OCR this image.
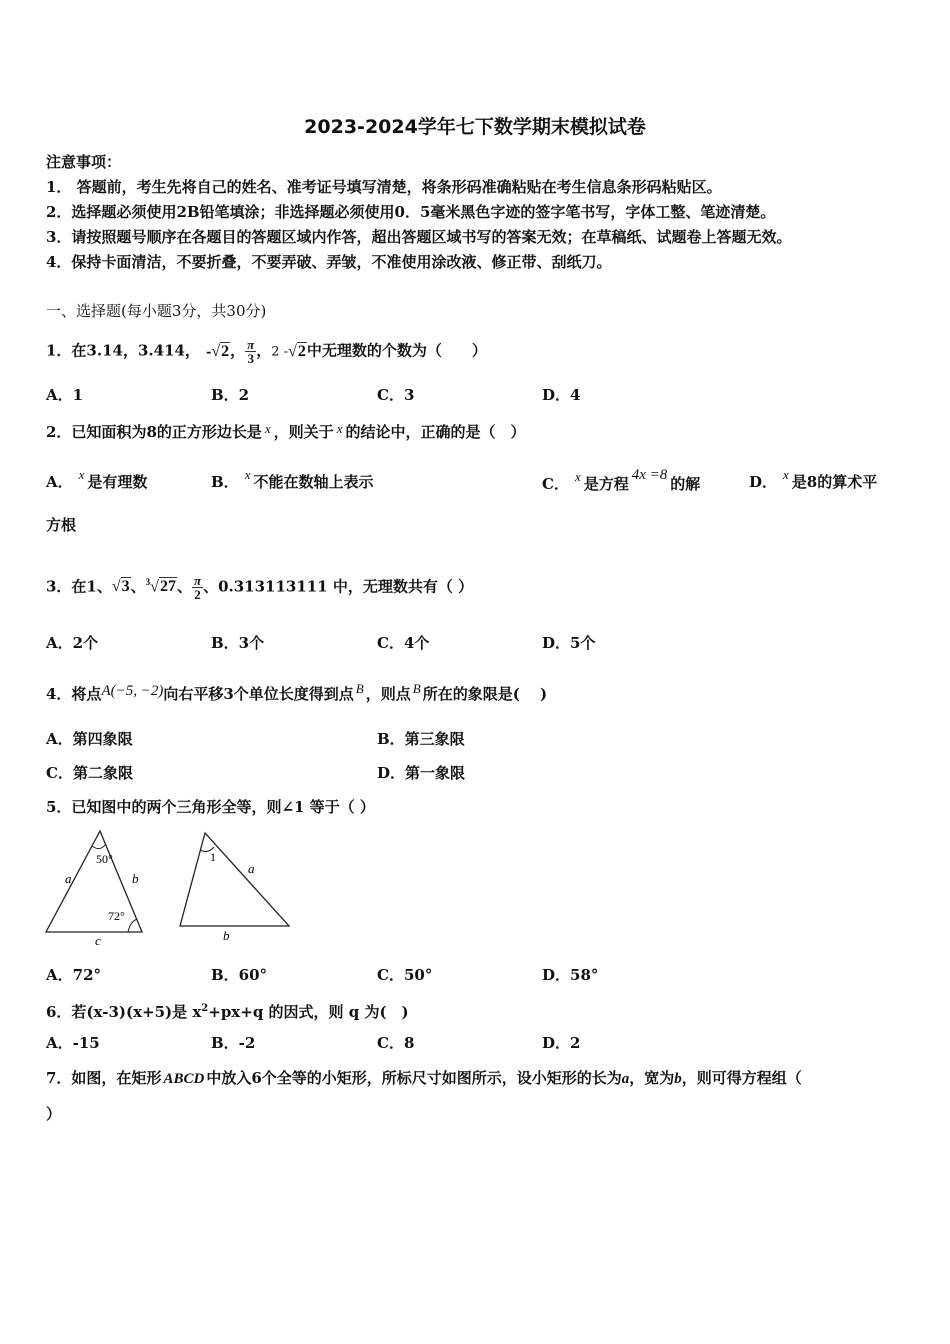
2023-2024学年七下数学期末模拟试卷
注意事项：
1． 答题前，考生先将自己的姓名、准考证号填写清楚，将条形码准确粘贴在考生信息条形码粘贴区。
2．选择题必须使用2B铅笔填涂；非选择题必须使用0．5毫米黑色字迹的签字笔书写，字体工整、笔迹清楚。
3．请按照题号顺序在各题目的答题区域内作答，超出答题区域书写的答案无效；在草稿纸、试题卷上答题无效。
4．保持卡面清洁，不要折叠，不要弄破、弄皱，不准使用涂改液、修正带、刮纸刀。
一、选择题(每小题3分，共30分)
1．在3.14，3.414， -√2， $\frac{\pi}{3}$ ，2 -√2中无理数的个数为（　　）
A．1	B．2	C．3	D．4
2．已知面积为8的正方形边长是 x ，则关于 x 的结论中，正确的是（　）
A． x 是有理数	B． x 不能在数轴上表示	C． x 是方程 4x =8 的解	D． x 是8的算术平
方根
3．在1、√3、$^3$√27、 $\frac{\pi}{2}$ 、0.313113111 中，无理数共有（ ）
A．2个	B．3个	C．4个	D．5个
4．将点A(−5, −2)向右平移3个单位长度得到点 B ，则点 B 所在的象限是(　 )
A．第四象限	B．第三象限
C．第二象限	D．第一象限
5．已知图中的两个三角形全等，则∠1 等于（ ）
50°
72°
a	b
c
1
a
b
A．72°	B．60°	C．50°	D．58°
6．若(x-3)(x+5)是 $x^2+px+q$ 的因式，则 q 为(　)
A．-15	B．-2	C．8	D．2
7．如图，在矩形 ABCD 中放入6个全等的小矩形，所标尺寸如图所示，设小矩形的长为a，宽为b，则可得方程组（
）
